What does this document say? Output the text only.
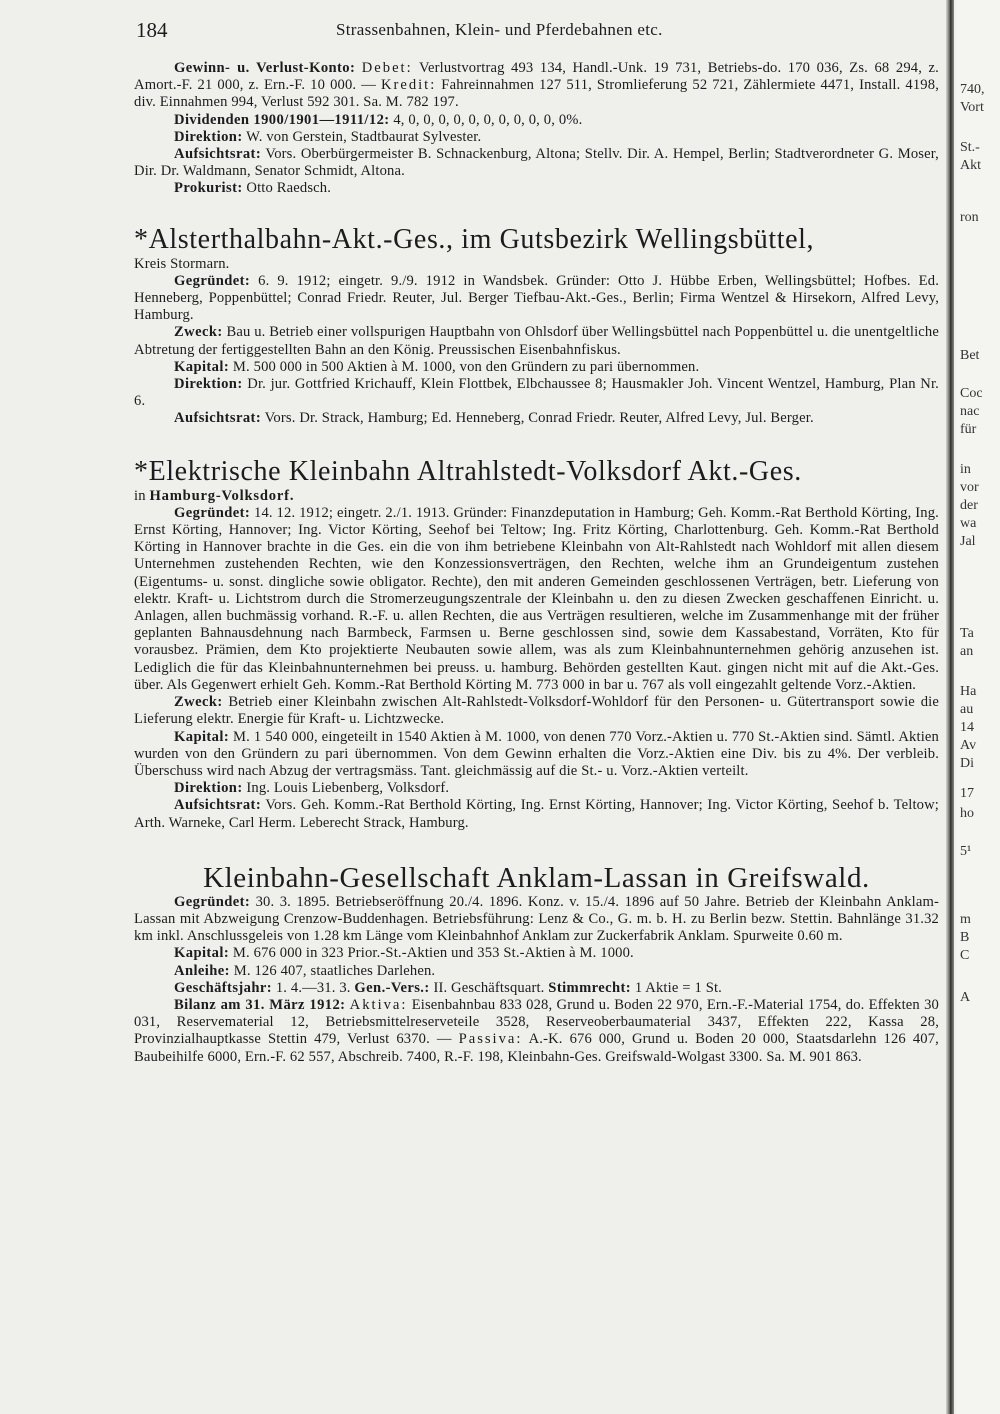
184	Strassenbahnen, Klein- und Pferdebahnen etc.

Gewinn- u. Verlust-Konto: Debet: Verlustvortrag 493 134, Handl.-Unk. 19 731, Betriebs-do. 170 036, Zs. 68 294, z. Amort.-F. 21 000, z. Ern.-F. 10 000. — Kredit: Fahreinnahmen 127 511, Stromlieferung 52 721, Zählermiete 4471, Install. 4198, div. Einnahmen 994, Verlust 592 301. Sa. M. 782 197.

Dividenden 1900/1901—1911/12: 4, 0, 0, 0, 0, 0, 0, 0, 0, 0, 0, 0%.

Direktion: W. von Gerstein, Stadtbaurat Sylvester.

Aufsichtsrat: Vors. Oberbürgermeister B. Schnackenburg, Altona; Stellv. Dir. A. Hempel, Berlin; Stadtverordneter G. Moser, Dir. Dr. Waldmann, Senator Schmidt, Altona.

Prokurist: Otto Raedsch.

*Alsterthalbahn-Akt.-Ges., im Gutsbezirk Wellingsbüttel,

Kreis Stormarn.

Gegründet: 6. 9. 1912; eingetr. 9./9. 1912 in Wandsbek. Gründer: Otto J. Hübbe Erben, Wellingsbüttel; Hofbes. Ed. Henneberg, Poppenbüttel; Conrad Friedr. Reuter, Jul. Berger Tiefbau-Akt.-Ges., Berlin; Firma Wentzel & Hirsekorn, Alfred Levy, Hamburg.

Zweck: Bau u. Betrieb einer vollspurigen Hauptbahn von Ohlsdorf über Wellingsbüttel nach Poppenbüttel u. die unentgeltliche Abtretung der fertiggestellten Bahn an den König. Preussischen Eisenbahnfiskus.

Kapital: M. 500 000 in 500 Aktien à M. 1000, von den Gründern zu pari übernommen.

Direktion: Dr. jur. Gottfried Krichauff, Klein Flottbek, Elbchaussee 8; Hausmakler Joh. Vincent Wentzel, Hamburg, Plan Nr. 6.

Aufsichtsrat: Vors. Dr. Strack, Hamburg; Ed. Henneberg, Conrad Friedr. Reuter, Alfred Levy, Jul. Berger.

*Elektrische Kleinbahn Altrahlstedt-Volksdorf Akt.-Ges.

in Hamburg-Volksdorf.

Gegründet: 14. 12. 1912; eingetr. 2./1. 1913. Gründer: Finanzdeputation in Hamburg; Geh. Komm.-Rat Berthold Körting, Ing. Ernst Körting, Hannover; Ing. Victor Körting, Seehof bei Teltow; Ing. Fritz Körting, Charlottenburg. Geh. Komm.-Rat Berthold Körting in Hannover brachte in die Ges. ein die von ihm betriebene Kleinbahn von Alt-Rahlstedt nach Wohldorf mit allen diesem Unternehmen zustehenden Rechten, wie den Konzessionsverträgen, den Rechten, welche ihm an Grundeigentum zustehen (Eigentums- u. sonst. dingliche sowie obligator. Rechte), den mit anderen Gemeinden geschlossenen Verträgen, betr. Lieferung von elektr. Kraft- u. Lichtstrom durch die Stromerzeugungszentrale der Kleinbahn u. den zu diesen Zwecken geschaffenen Einricht. u. Anlagen, allen buchmässig vorhand. R.-F. u. allen Rechten, die aus Verträgen resultieren, welche im Zusammenhange mit der früher geplanten Bahnausdehnung nach Barmbeck, Farmsen u. Berne geschlossen sind, sowie dem Kassabestand, Vorräten, Kto für vorausbez. Prämien, dem Kto projektierte Neubauten sowie allem, was als zum Kleinbahnunternehmen gehörig anzusehen ist. Lediglich die für das Kleinbahnunternehmen bei preuss. u. hamburg. Behörden gestellten Kaut. gingen nicht mit auf die Akt.-Ges. über. Als Gegenwert erhielt Geh. Komm.-Rat Berthold Körting M. 773 000 in bar u. 767 als voll eingezahlt geltende Vorz.-Aktien.

Zweck: Betrieb einer Kleinbahn zwischen Alt-Rahlstedt-Volksdorf-Wohldorf für den Personen- u. Gütertransport sowie die Lieferung elektr. Energie für Kraft- u. Lichtzwecke.

Kapital: M. 1 540 000, eingeteilt in 1540 Aktien à M. 1000, von denen 770 Vorz.-Aktien u. 770 St.-Aktien sind. Sämtl. Aktien wurden von den Gründern zu pari übernommen. Von dem Gewinn erhalten die Vorz.-Aktien eine Div. bis zu 4%. Der verbleib. Überschuss wird nach Abzug der vertragsmäss. Tant. gleichmässig auf die St.- u. Vorz.-Aktien verteilt.

Direktion: Ing. Louis Liebenberg, Volksdorf.

Aufsichtsrat: Vors. Geh. Komm.-Rat Berthold Körting, Ing. Ernst Körting, Hannover; Ing. Victor Körting, Seehof b. Teltow; Arth. Warneke, Carl Herm. Leberecht Strack, Hamburg.

Kleinbahn-Gesellschaft Anklam-Lassan in Greifswald.

Gegründet: 30. 3. 1895. Betriebseröffnung 20./4. 1896. Konz. v. 15./4. 1896 auf 50 Jahre. Betrieb der Kleinbahn Anklam-Lassan mit Abzweigung Crenzow-Buddenhagen. Betriebsführung: Lenz & Co., G. m. b. H. zu Berlin bezw. Stettin. Bahnlänge 31.32 km inkl. Anschlussgeleis von 1.28 km Länge vom Kleinbahnhof Anklam zur Zuckerfabrik Anklam. Spurweite 0.60 m.

Kapital: M. 676 000 in 323 Prior.-St.-Aktien und 353 St.-Aktien à M. 1000.

Anleihe: M. 126 407, staatliches Darlehen.

Geschäftsjahr: 1. 4.—31. 3. Gen.-Vers.: II. Geschäftsquart. Stimmrecht: 1 Aktie = 1 St.

Bilanz am 31. März 1912: Aktiva: Eisenbahnbau 833 028, Grund u. Boden 22 970, Ern.-F.-Material 1754, do. Effekten 30 031, Reservematerial 12, Betriebsmittelreserveteile 3528, Reserveoberbaumaterial 3437, Effekten 222, Kassa 28, Provinzialhauptkasse Stettin 479, Verlust 6370. — Passiva: A.-K. 676 000, Grund u. Boden 20 000, Staatsdarlehn 126 407, Baubeihilfe 6000, Ern.-F. 62 557, Abschreib. 7400, R.-F. 198, Kleinbahn-Ges. Greifswald-Wolgast 3300. Sa. M. 901 863.

740,
Vort
St.-
Akt
ron
Bet
Coc
nac
für
in
vor
der
wa
Jal
Ta
an
Ha
au
14
Av
Di
17
ho
5¹
m
B
C
A
